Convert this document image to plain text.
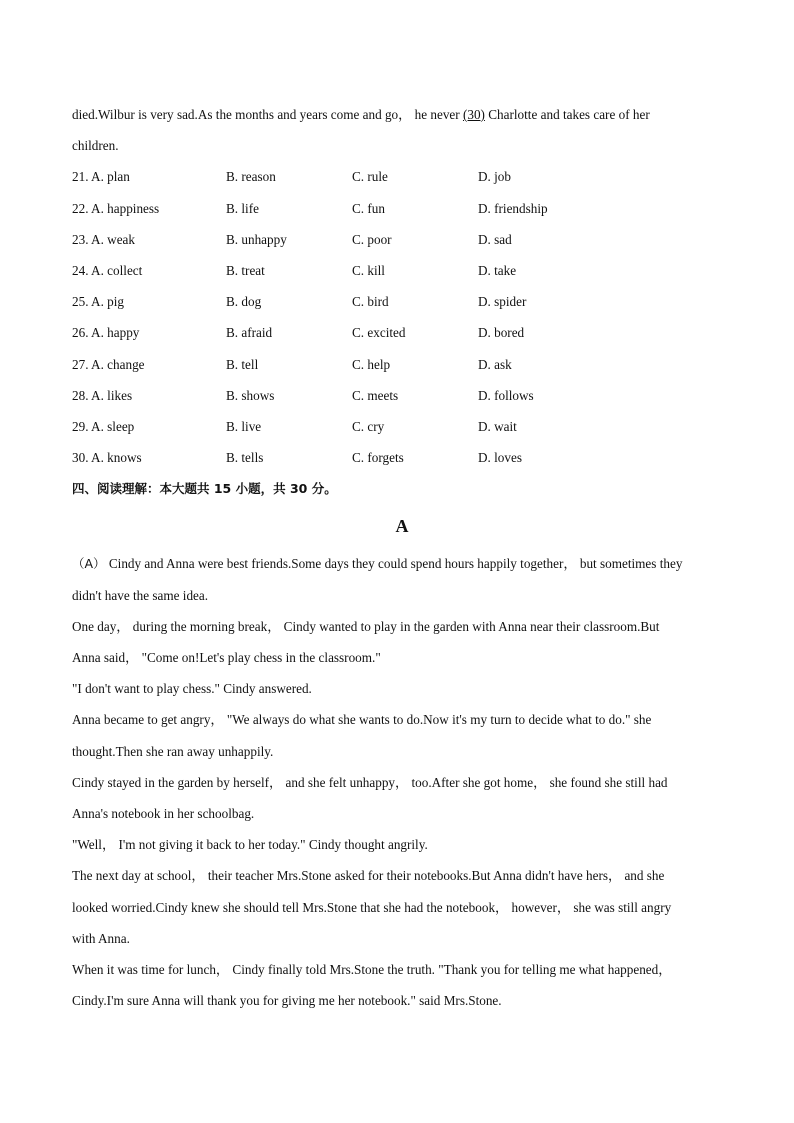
died.Wilbur is very sad.As the months and years come and go， he never (30) Charlotte and takes care of her
children.
21. A. plan	B. reason	C. rule	D. job
22. A. happiness	B. life	C. fun	D. friendship
23. A. weak	B. unhappy	C. poor	D. sad
24. A. collect	B. treat	C. kill	D. take
25. A. pig	B. dog	C. bird	D. spider
26. A. happy	B. afraid	C. excited	D. bored
27. A. change	B. tell	C. help	D. ask
28. A. likes	B. shows	C. meets	D. follows
29. A. sleep	B. live	C. cry	D. wait
30. A. knows	B. tells	C. forgets	D. loves
四、阅读理解：本大题共 15 小题，共 30 分。
A
（A） Cindy and Anna were best friends.Some days they could spend hours happily together， but sometimes they
didn't have the same idea.
One day， during the morning break， Cindy wanted to play in the garden with Anna near their classroom.But
Anna said， "Come on!Let's play chess in the classroom."
"I don't want to play chess." Cindy answered.
Anna became to get angry， "We always do what she wants to do.Now it's my turn to decide what to do." she
thought.Then she ran away unhappily.
Cindy stayed in the garden by herself， and she felt unhappy， too.After she got home， she found she still had
Anna's notebook in her schoolbag.
"Well， I'm not giving it back to her today." Cindy thought angrily.
The next day at school， their teacher Mrs.Stone asked for their notebooks.But Anna didn't have hers， and she
looked worried.Cindy knew she should tell Mrs.Stone that she had the notebook， however， she was still angry
with Anna.
When it was time for lunch， Cindy finally told Mrs.Stone the truth. "Thank you for telling me what happened，
Cindy.I'm sure Anna will thank you for giving me her notebook." said Mrs.Stone.
